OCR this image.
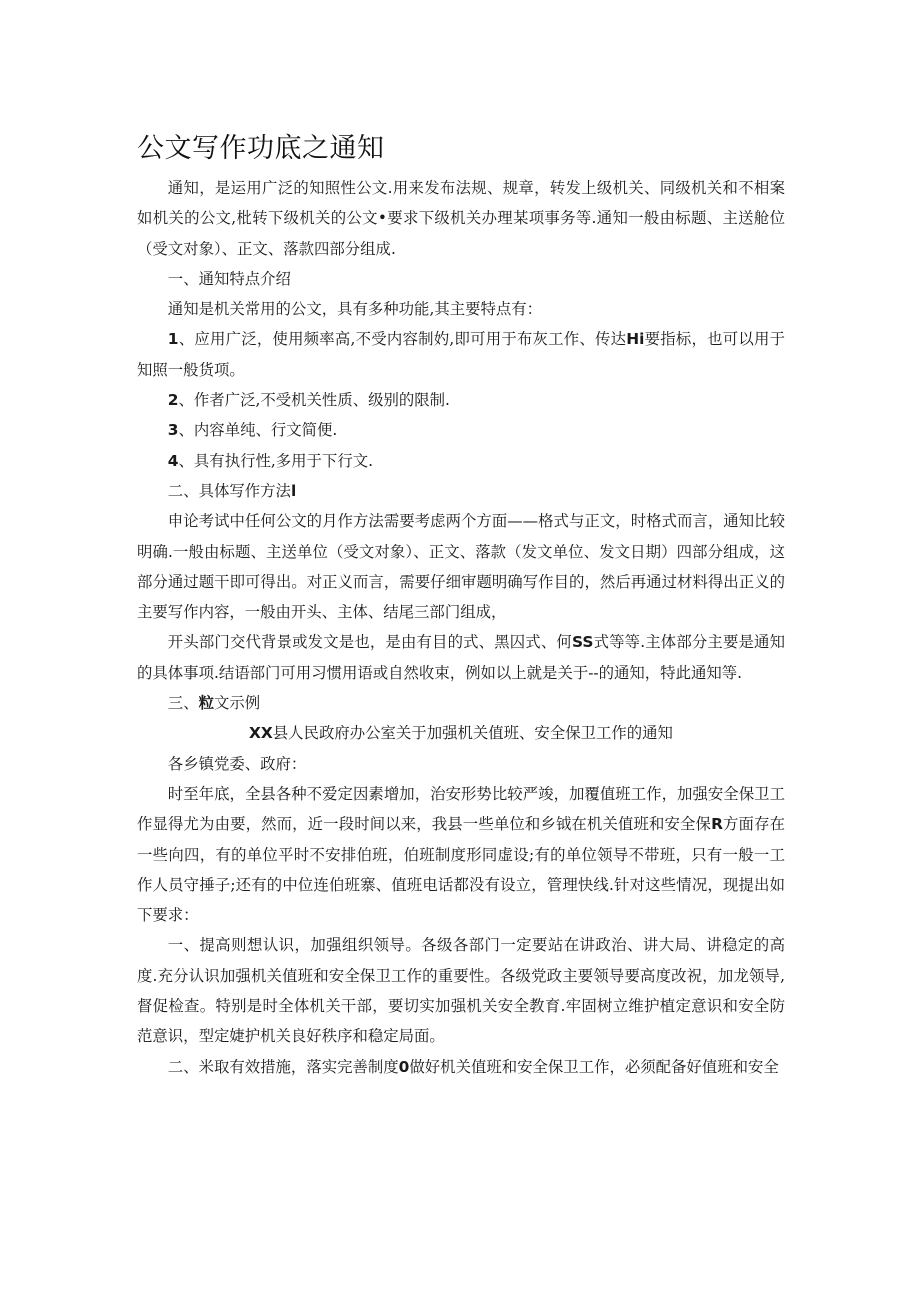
公文写作功底之通知

通知，是运用广泛的知照性公文.用来发布法规、规章，转发上级机关、同级机关和不相案如机关的公文,枇转下级机关的公文•要求下级机关办理某项事务等.通知一般由标题、主送舱位（受文对象）、正文、落款四部分组成.

一、通知特点介绍

通知是机关常用的公文，具有多种功能,其主要特点有：

1、应用广泛，使用频率高,不受内容制妁,即可用于布灰工作、传达Hi要指标，也可以用于知照一般货项。

2、作者广泛,不受机关性质、级别的限制.

3、内容单纯、行文简便.

4、具有执行性,多用于下行文.

二、具体写作方法l

申论考试中任何公文的月作方法需要考虑两个方面——格式与正文，时格式而言，通知比较明确.一般由标题、主送单位（受文对象）、正文、落款（发文单位、发文日期）四部分组成，这部分通过题干即可得出。对正义而言，需要仔细审题明确写作目的，然后再通过材料得出正义的主要写作内容，一般由开头、主体、结尾三部门组成，

开头部门交代背景或发文是也，是由有目的式、黑囚式、何SS式等等.主体部分主要是通知的具体事项.结语部门可用习惯用语或自然收束，例如以上就是关于--的通知，特此通知等.

三、粒文示例

XX县人民政府办公室关于加强机关值班、安全保卫工作的通知

各乡镇党委、政府：

时至年底，全县各种不爱定因素增加，治安形势比较严竣，加覆值班工作，加强安全保卫工作显得尤为由要，然而，近一段时间以来，我县一些单位和乡钺在机关值班和安全保R方面存在一些向四，有的单位平时不安排伯班，伯班制度形同虚设;有的单位领导不带班，只有一般一工作人员守捶子;还有的中位连伯班寨、值班电话都没有设立，管理快线.针对这些情况，现提出如下要求：

一、提高则想认识，加强组织领导。各级各部门一定要站在讲政治、讲大局、讲稳定的高度.充分认识加强机关值班和安全保卫工作的重要性。各级党政主要领导要高度改祝，加龙领导,督促检查。特别是时全体机关干部，要切实加强机关安全教育.牢固树立维护植定意识和安全防范意识，型定婕护机关良好秩序和稳定局面。

二、米取有效措施，落实完善制度0做好机关值班和安全保卫工作，必须配备好值班和安全
